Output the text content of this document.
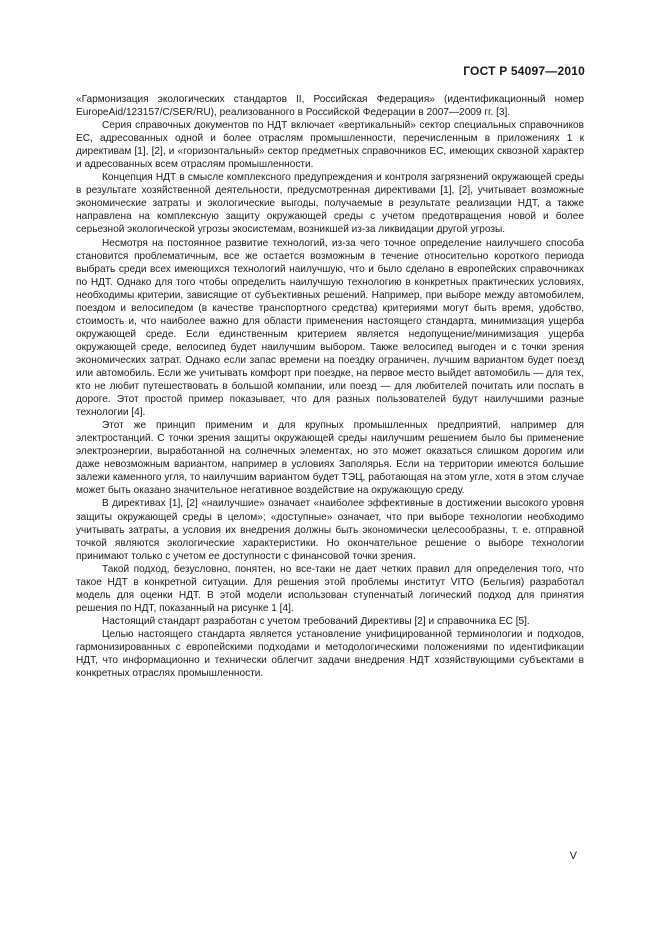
ГОСТ Р 54097—2010

«Гармонизация экологических стандартов II, Российская Федерация» (идентификационный номер EuropeAid/123157/C/SER/RU), реализованного в Российской Федерации в 2007—2009 гг. [3].

Серия справочных документов по НДТ включает «вертикальный» сектор специальных справочников ЕС, адресованных одной и более отраслям промышленности, перечисленным в приложениях 1 к директивам [1], [2], и «горизонтальный» сектор предметных справочников ЕС, имеющих сквозной характер и адресованных всем отраслям промышленности.

Концепция НДТ в смысле комплексного предупреждения и контроля загрязнений окружающей среды в результате хозяйственной деятельности, предусмотренная директивами [1], [2], учитывает возможные экономические затраты и экологические выгоды, получаемые в результате реализации НДТ, а также направлена на комплексную защиту окружающей среды с учетом предотвращения новой и более серьезной экологической угрозы экосистемам, возникшей из-за ликвидации другой угрозы.

Несмотря на постоянное развитие технологий, из-за чего точное определение наилучшего способа становится проблематичным, все же остается возможным в течение относительно короткого периода выбрать среди всех имеющихся технологий наилучшую, что и было сделано в европейских справочниках по НДТ. Однако для того чтобы определить наилучшую технологию в конкретных практических условиях, необходимы критерии, зависящие от субъективных решений. Например, при выборе между автомобилем, поездом и велосипедом (в качестве транспортного средства) критериями могут быть время, удобство, стоимость и, что наиболее важно для области применения настоящего стандарта, минимизация ущерба окружающей среде. Если единственным критерием является недопущение/минимизация ущерба окружающей среде, велосипед будет наилучшим выбором. Также велосипед выгоден и с точки зрения экономических затрат. Однако если запас времени на поездку ограничен, лучшим вариантом будет поезд или автомобиль. Если же учитывать комфорт при поездке, на первое место выйдет автомобиль — для тех, кто не любит путешествовать в большой компании, или поезд — для любителей почитать или поспать в дороге. Этот простой пример показывает, что для разных пользователей будут наилучшими разные технологии [4].

Этот же принцип применим и для крупных промышленных предприятий, например для электростанций. С точки зрения защиты окружающей среды наилучшим решением было бы применение электроэнергии, выработанной на солнечных элементах, но это может оказаться слишком дорогим или даже невозможным вариантом, например в условиях Заполярья. Если на территории имеются большие залежи каменного угля, то наилучшим вариантом будет ТЭЦ, работающая на этом угле, хотя в этом случае может быть оказано значительное негативное воздействие на окружающую среду.

В директивах [1], [2] «наилучшие» означает «наиболее эффективные в достижении высокого уровня защиты окружающей среды в целом»; «доступные» означает, что при выборе технологии необходимо учитывать затраты, а условия их внедрения должны быть экономически целесообразны, т. е. отправной точкой являются экологические характеристики. Но окончательное решение о выборе технологии принимают только с учетом ее доступности с финансовой точки зрения.

Такой подход, безусловно, понятен, но все-таки не дает четких правил для определения того, что такое НДТ в конкретной ситуации. Для решения этой проблемы институт VITO (Бельгия) разработал модель для оценки НДТ. В этой модели использован ступенчатый логический подход для принятия решения по НДТ, показанный на рисунке 1 [4].

Настоящий стандарт разработан с учетом требований Директивы [2] и справочника ЕС [5].

Целью настоящего стандарта является установление унифицированной терминологии и подходов, гармонизированных с европейскими подходами и методологическими положениями по идентификации НДТ, что информационно и технически облегчит задачи внедрения НДТ хозяйствующими субъектами в конкретных отраслях промышленности.

V
